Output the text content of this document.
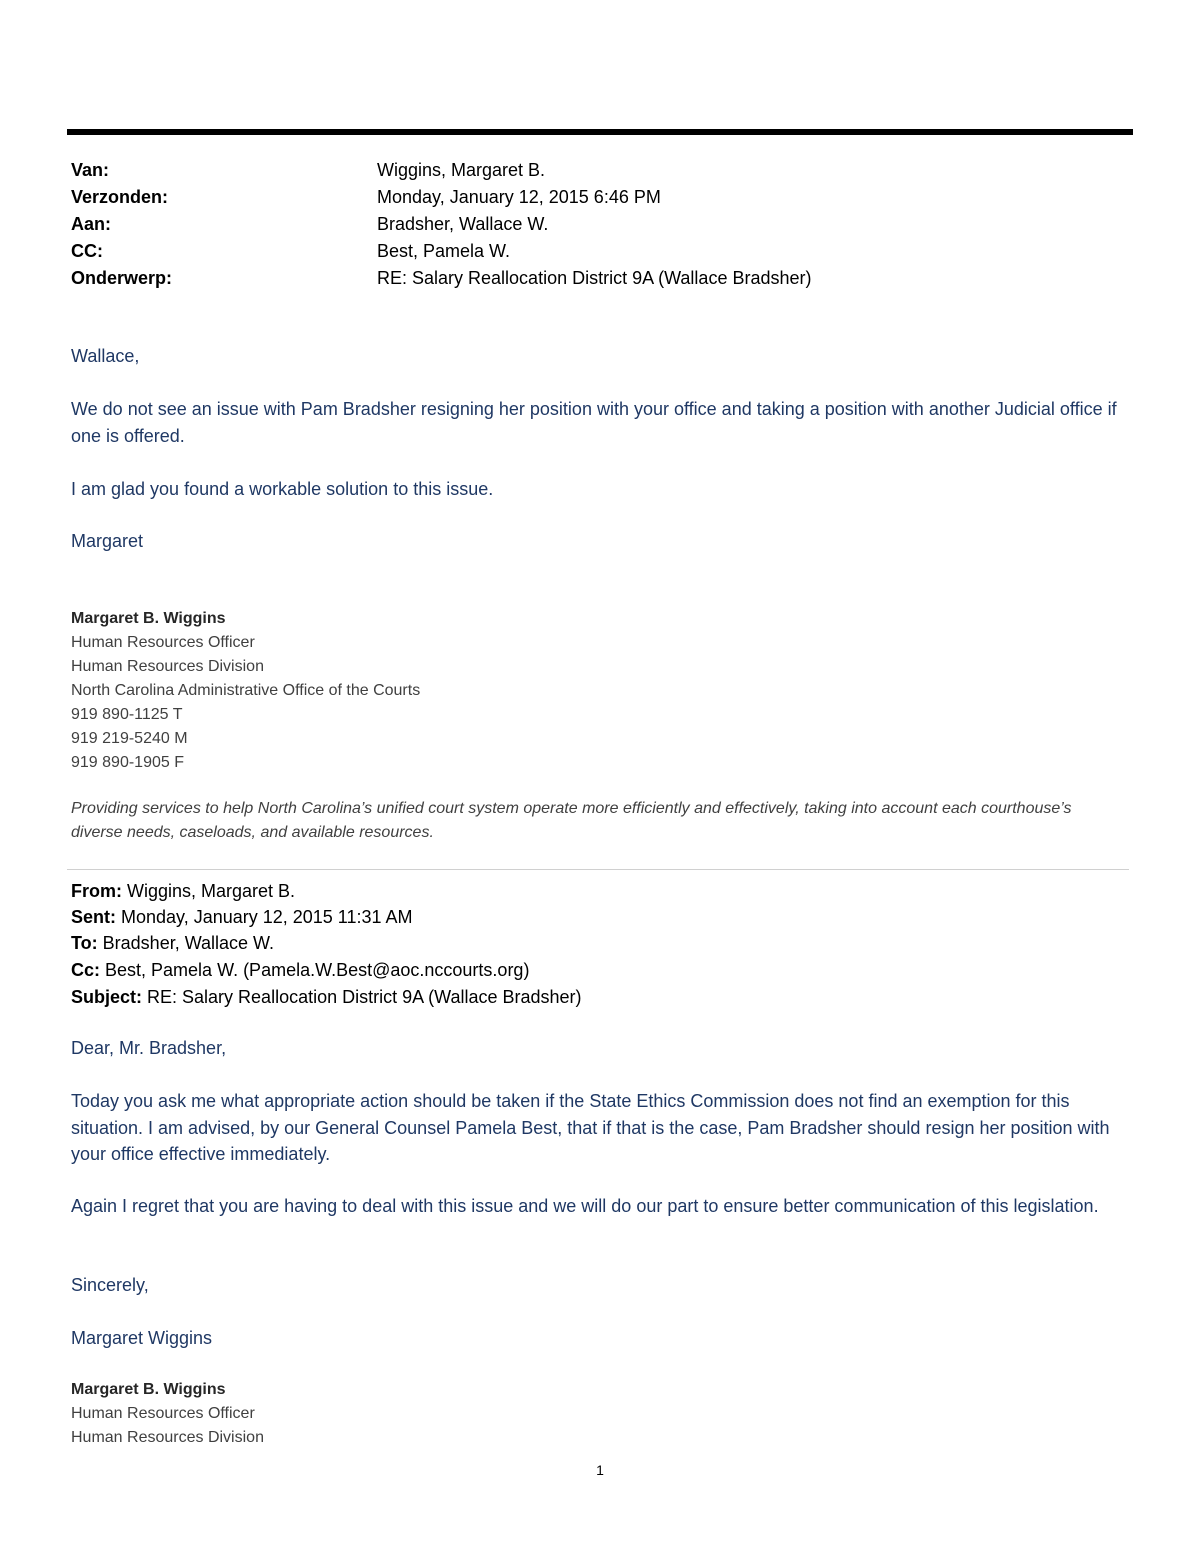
Van:	Wiggins, Margaret B.
Verzonden:	Monday, January 12, 2015 6:46 PM
Aan:	Bradsher, Wallace W.
CC:	Best, Pamela W.
Onderwerp:	RE: Salary Reallocation District 9A (Wallace Bradsher)

Wallace,

We do not see an issue with Pam Bradsher resigning her position with your office and taking a position with another Judicial office if one is offered.

I am glad you found a workable solution to this issue.

Margaret

Margaret B. Wiggins
Human Resources Officer
Human Resources Division
North Carolina Administrative Office of the Courts
919 890-1125 T
919 219-5240 M
919 890-1905 F

Providing services to help North Carolina’s unified court system operate more efficiently and effectively, taking into account each courthouse’s diverse needs, caseloads, and available resources.

From: Wiggins, Margaret B.
Sent: Monday, January 12, 2015 11:31 AM
To: Bradsher, Wallace W.
Cc: Best, Pamela W. (Pamela.W.Best@aoc.nccourts.org)
Subject: RE: Salary Reallocation District 9A (Wallace Bradsher)

Dear, Mr. Bradsher,

Today you ask me what appropriate action should be taken if the State Ethics Commission does not find an exemption for this situation. I am advised, by our General Counsel Pamela Best, that if that is the case, Pam Bradsher should resign her position with your office effective immediately.

Again I regret that you are having to deal with this issue and we will do our part to ensure better communication of this legislation.

Sincerely,

Margaret Wiggins

Margaret B. Wiggins
Human Resources Officer
Human Resources Division
1
